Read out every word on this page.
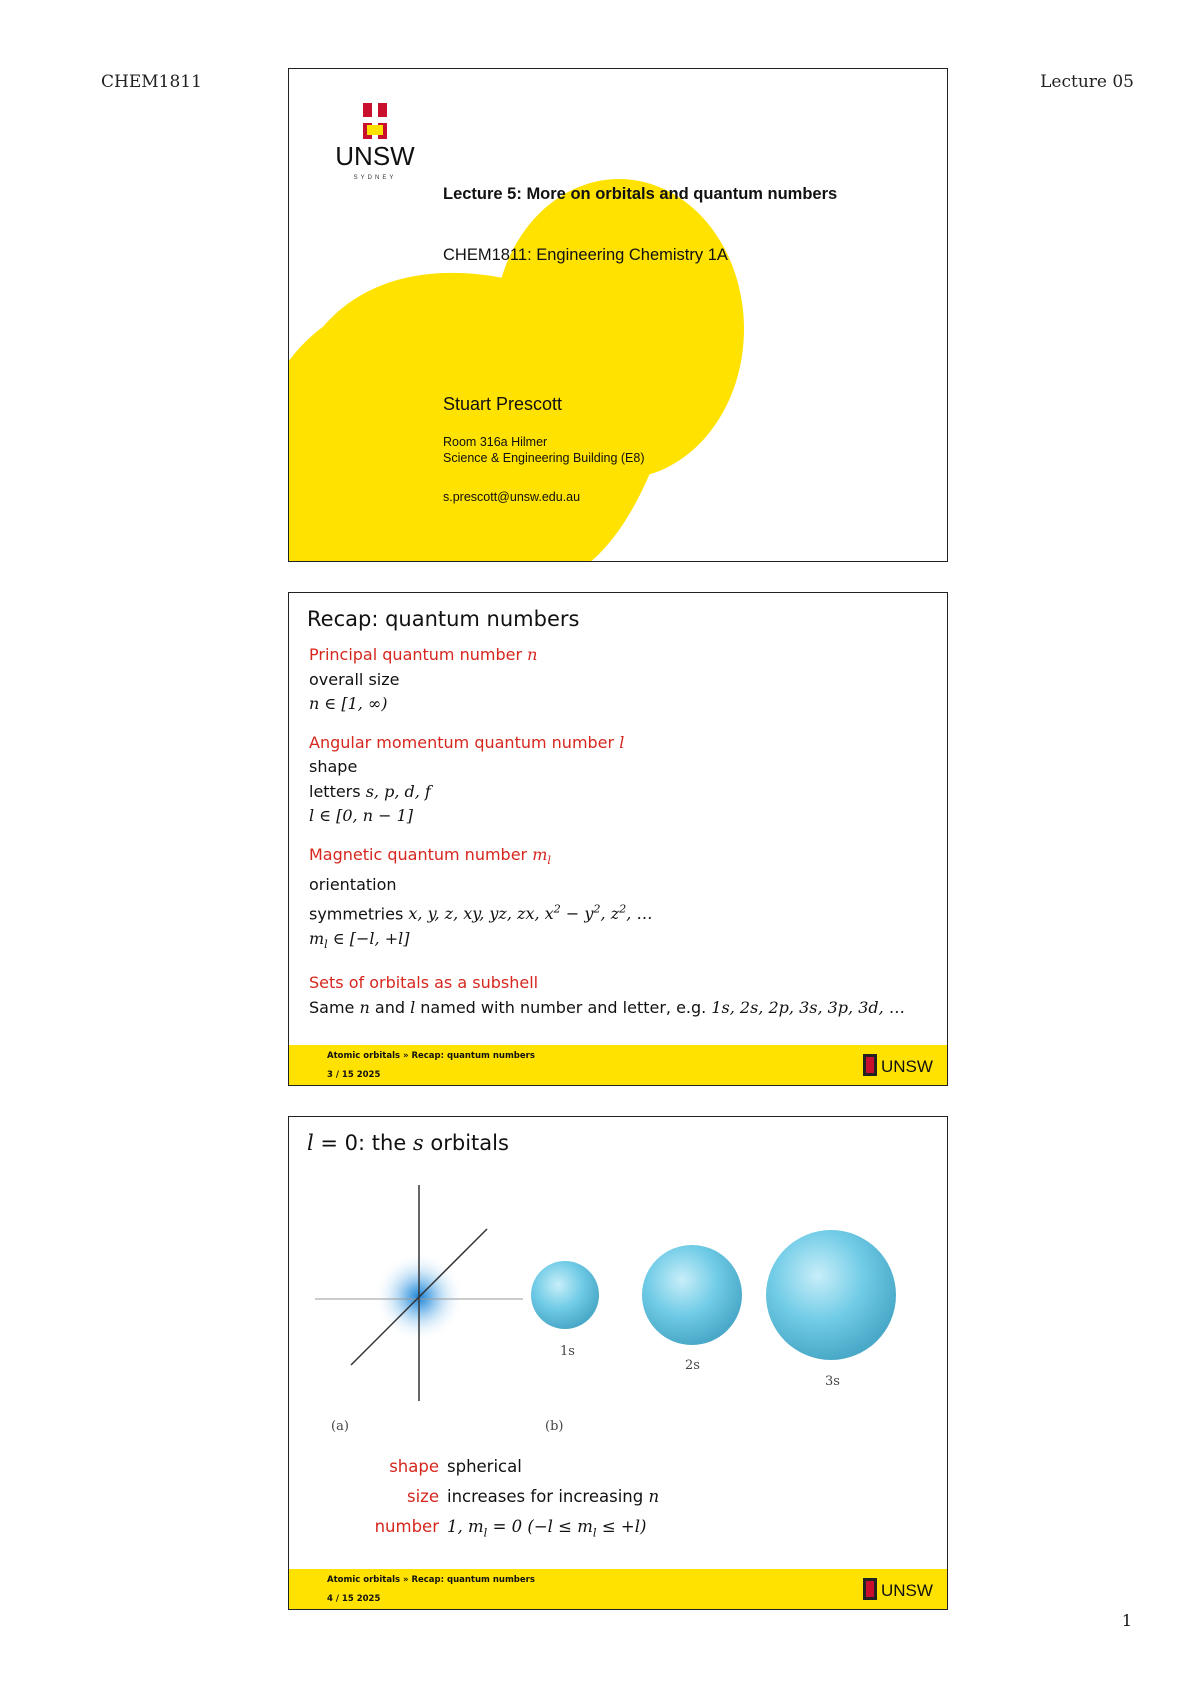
CHEM1811	Lecture 05
UNSW
SYDNEY
Lecture 5: More on orbitals and quantum numbers
CHEM1811: Engineering Chemistry 1A
Stuart Prescott
Room 316a Hilmer
Science & Engineering Building (E8)
s.prescott@unsw.edu.au
Recap: quantum numbers
Principal quantum number n
overall size
n ∈ [1, ∞)
Angular momentum quantum number l
shape
letters s, p, d, f
l ∈ [0, n − 1]
Magnetic quantum number $m_l$
orientation
symmetries x, y, z, xy, yz, zx, $x^2 - y^2$, $z^2$, …
$m_l$ ∈ [−l, +l]
Sets of orbitals as a subshell
Same n and l named with number and letter, e.g. 1s, 2s, 2p, 3s, 3p, 3d, …
Atomic orbitals » Recap: quantum numbers
3 / 15 2025	UNSW
l = 0: the s orbitals
(a)
1s
2s
3s
(b)
shape spherical
size increases for increasing n
number 1, $m_l = 0$ $(-l \le m_l \le +l)$
Atomic orbitals » Recap: quantum numbers
4 / 15 2025	UNSW
1
